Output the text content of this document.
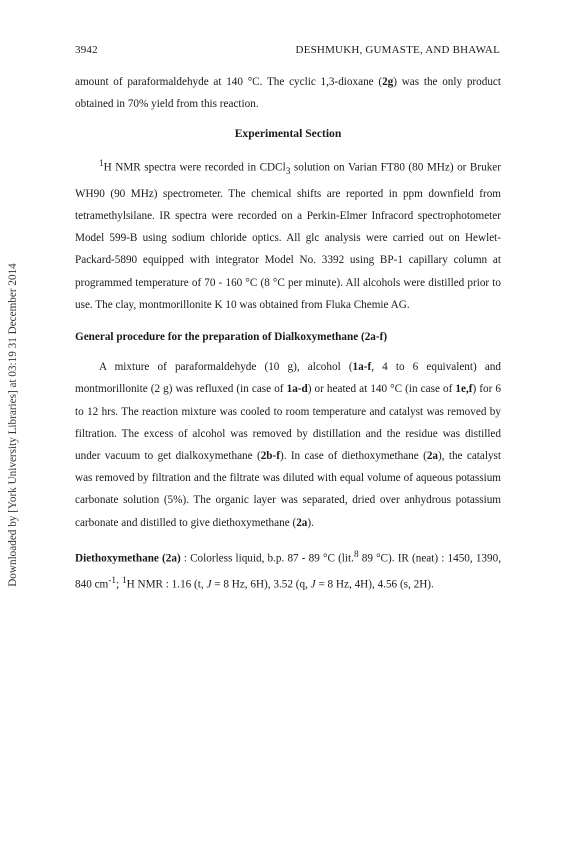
Downloaded by [York University Libraries] at 03:19 31 December 2014
3942	DESHMUKH, GUMASTE, AND BHAWAL

amount of paraformaldehyde at 140 °C. The cyclic 1,3-dioxane (2g) was the only product obtained in 70% yield from this reaction.

Experimental Section

$^1$H NMR spectra were recorded in CDCl$_3$ solution on Varian FT80 (80 MHz) or Bruker WH90 (90 MHz) spectrometer. The chemical shifts are reported in ppm downfield from tetramethylsilane. IR spectra were recorded on a Perkin-Elmer Infracord spectrophotometer Model 599-B using sodium chloride optics. All glc analysis were carried out on Hewlet-Packard-5890 equipped with integrator Model No. 3392 using BP-1 capillary column at programmed temperature of 70 - 160 °C (8 °C per minute). All alcohols were distilled prior to use. The clay, montmorillonite K 10 was obtained from Fluka Chemie AG.

General procedure for the preparation of Dialkoxymethane (2a-f)

A mixture of paraformaldehyde (10 g), alcohol (1a-f, 4 to 6 equivalent) and montmorillonite (2 g) was refluxed (in case of 1a-d) or heated at 140 °C (in case of 1e,f) for 6 to 12 hrs. The reaction mixture was cooled to room temperature and catalyst was removed by filtration. The excess of alcohol was removed by distillation and the residue was distilled under vacuum to get dialkoxymethane (2b-f). In case of diethoxymethane (2a), the catalyst was removed by filtration and the filtrate was diluted with equal volume of aqueous potassium carbonate solution (5%). The organic layer was separated, dried over anhydrous potassium carbonate and distilled to give diethoxymethane (2a).

Diethoxymethane (2a) : Colorless liquid, b.p. 87 - 89 °C (lit.$^8$ 89 °C). IR (neat) : 1450, 1390, 840 $cm^{-1}$; $^1$H NMR : 1.16 (t, J = 8 Hz, 6H), 3.52 (q, J = 8 Hz, 4H), 4.56 (s, 2H).
